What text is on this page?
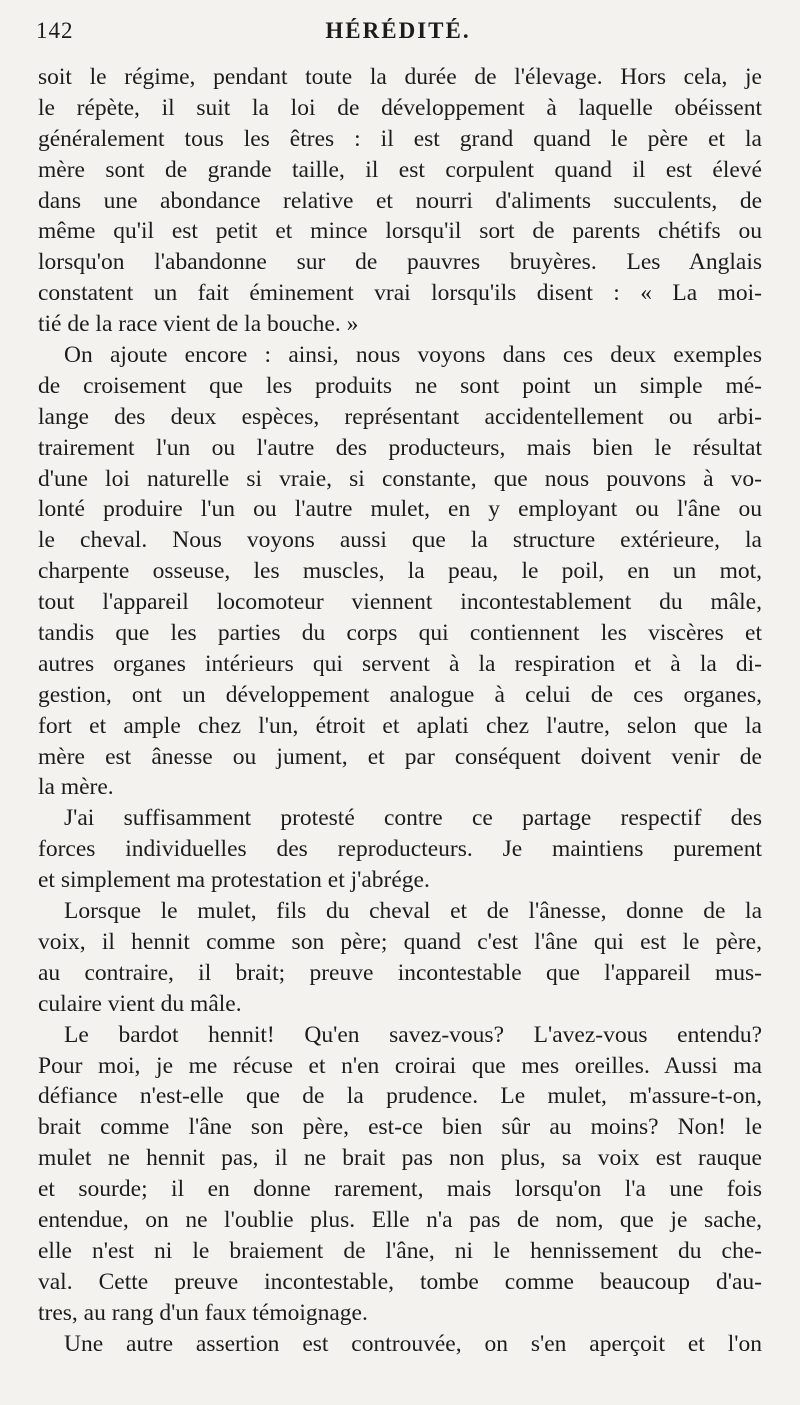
142	HÉRÉDITÉ.
soit le régime, pendant toute la durée de l'élevage. Hors cela, je
le répète, il suit la loi de développement à laquelle obéissent
généralement tous les êtres : il est grand quand le père et la
mère sont de grande taille, il est corpulent quand il est élevé
dans une abondance relative et nourri d'aliments succulents, de
même qu'il est petit et mince lorsqu'il sort de parents chétifs ou
lorsqu'on l'abandonne sur de pauvres bruyères. Les Anglais
constatent un fait éminement vrai lorsqu'ils disent : « La moi-
tié de la race vient de la bouche. »
On ajoute encore : ainsi, nous voyons dans ces deux exemples
de croisement que les produits ne sont point un simple mé-
lange des deux espèces, représentant accidentellement ou arbi-
trairement l'un ou l'autre des producteurs, mais bien le résultat
d'une loi naturelle si vraie, si constante, que nous pouvons à vo-
lonté produire l'un ou l'autre mulet, en y employant ou l'âne ou
le cheval. Nous voyons aussi que la structure extérieure, la
charpente osseuse, les muscles, la peau, le poil, en un mot,
tout l'appareil locomoteur viennent incontestablement du mâle,
tandis que les parties du corps qui contiennent les viscères et
autres organes intérieurs qui servent à la respiration et à la di-
gestion, ont un développement analogue à celui de ces organes,
fort et ample chez l'un, étroit et aplati chez l'autre, selon que la
mère est ânesse ou jument, et par conséquent doivent venir de
la mère.
J'ai suffisamment protesté contre ce partage respectif des
forces individuelles des reproducteurs. Je maintiens purement
et simplement ma protestation et j'abrége.
Lorsque le mulet, fils du cheval et de l'ânesse, donne de la
voix, il hennit comme son père; quand c'est l'âne qui est le père,
au contraire, il brait; preuve incontestable que l'appareil mus-
culaire vient du mâle.
Le bardot hennit! Qu'en savez-vous? L'avez-vous entendu?
Pour moi, je me récuse et n'en croirai que mes oreilles. Aussi ma
défiance n'est-elle que de la prudence. Le mulet, m'assure-t-on,
brait comme l'âne son père, est-ce bien sûr au moins? Non! le
mulet ne hennit pas, il ne brait pas non plus, sa voix est rauque
et sourde; il en donne rarement, mais lorsqu'on l'a une fois
entendue, on ne l'oublie plus. Elle n'a pas de nom, que je sache,
elle n'est ni le braiement de l'âne, ni le hennissement du che-
val. Cette preuve incontestable, tombe comme beaucoup d'au-
tres, au rang d'un faux témoignage.
Une autre assertion est controuvée, on s'en aperçoit et l'on
